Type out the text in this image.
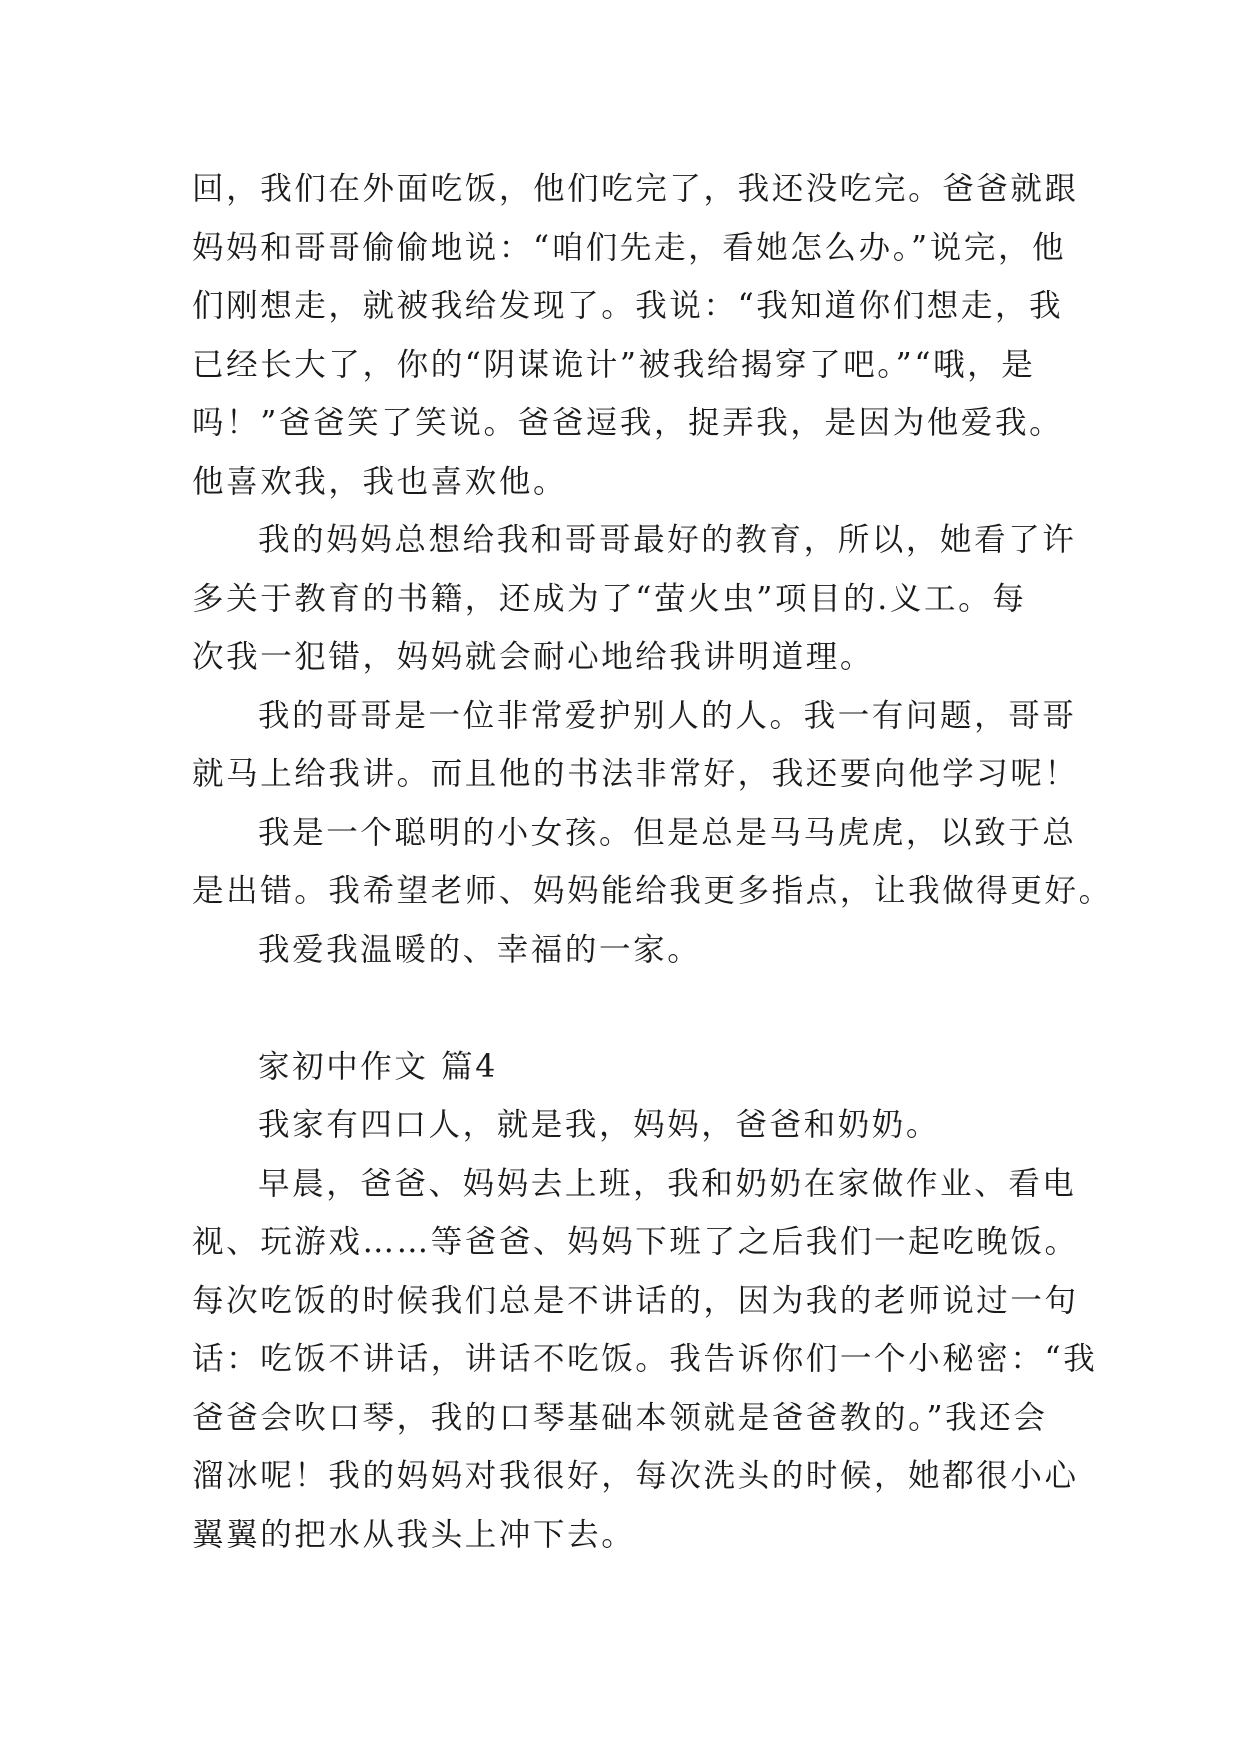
回，我们在外面吃饭，他们吃完了，我还没吃完。爸爸就跟
妈妈和哥哥偷偷地说：“咱们先走，看她怎么办。”说完，他
们刚想走，就被我给发现了。我说：“我知道你们想走，我
已经长大了，你的“阴谋诡计”被我给揭穿了吧。”“哦，是
吗！”爸爸笑了笑说。爸爸逗我，捉弄我，是因为他爱我。
他喜欢我，我也喜欢他。
我的妈妈总想给我和哥哥最好的教育，所以，她看了许
多关于教育的书籍，还成为了“萤火虫”项目的.义工。每
次我一犯错，妈妈就会耐心地给我讲明道理。
我的哥哥是一位非常爱护别人的人。我一有问题，哥哥
就马上给我讲。而且他的书法非常好，我还要向他学习呢！
我是一个聪明的小女孩。但是总是马马虎虎，以致于总
是出错。我希望老师、妈妈能给我更多指点，让我做得更好。
我爱我温暖的、幸福的一家。
家初中作文 篇4
我家有四口人，就是我，妈妈，爸爸和奶奶。
早晨，爸爸、妈妈去上班，我和奶奶在家做作业、看电
视、玩游戏……等爸爸、妈妈下班了之后我们一起吃晚饭。
每次吃饭的时候我们总是不讲话的，因为我的老师说过一句
话：吃饭不讲话，讲话不吃饭。我告诉你们一个小秘密：“我
爸爸会吹口琴，我的口琴基础本领就是爸爸教的。”我还会
溜冰呢！我的妈妈对我很好，每次洗头的时候，她都很小心
翼翼的把水从我头上冲下去。
